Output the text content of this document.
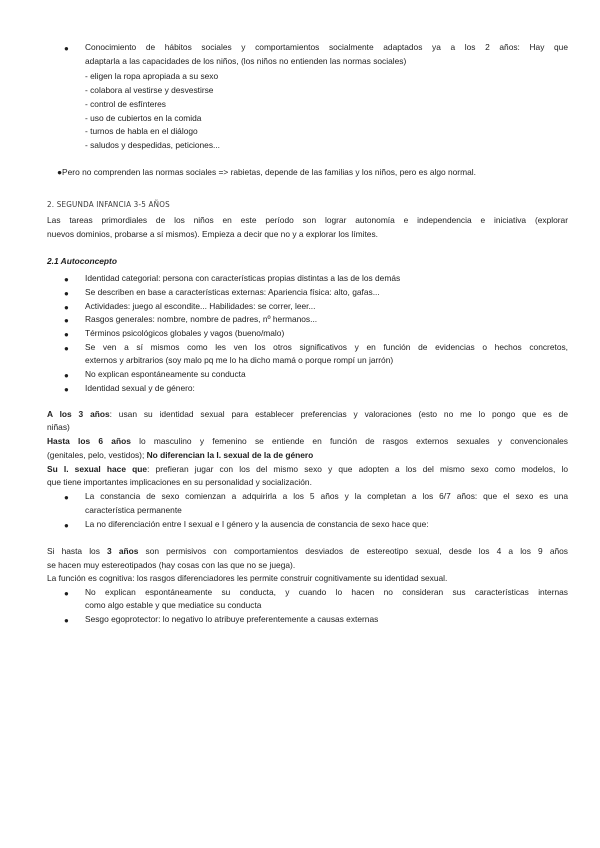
● Conocimiento de hábitos sociales y comportamientos socialmente adaptados ya a los 2 años: Hay que
adaptarla a las capacidades de los niños, (los niños no entienden las normas sociales)
- eligen la ropa apropiada a su sexo
- colabora al vestirse y desvestirse
- control de esfínteres
- uso de cubiertos en la comida
- turnos de habla en el diálogo
- saludos y despedidas, peticiones...
●Pero no comprenden las normas sociales => rabietas, depende de las familias y los niños, pero es algo normal.
2. SEGUNDA INFANCIA 3-5 AÑOS
Las tareas primordiales de los niños en este período son lograr autonomía e independencia e iniciativa (explorar
nuevos dominios, probarse a sí mismos). Empieza a decir que no y a explorar los límites.
2.1 Autoconcepto
● Identidad categorial: persona con características propias distintas a las de los demás
● Se describen en base a características externas: Apariencia física: alto, gafas...
● Actividades: juego al escondite... Habilidades: se correr, leer...
● Rasgos generales: nombre, nombre de padres, nº hermanos...
● Términos psicológicos globales y vagos (bueno/malo)
● Se ven a sí mismos como les ven los otros significativos y en función de evidencias o hechos concretos,
externos y arbitrarios (soy malo pq me lo ha dicho mamá o porque rompí un jarrón)
● No explican espontáneamente su conducta
● Identidad sexual y de género:
A los 3 años: usan su identidad sexual para establecer preferencias y valoraciones (esto no me lo pongo que es de
niñas)
Hasta los 6 años lo masculino y femenino se entiende en función de rasgos externos sexuales y convencionales
(genitales, pelo, vestidos); No diferencian la I. sexual de la de género
Su I. sexual hace que: prefieran jugar con los del mismo sexo y que adopten a los del mismo sexo como modelos, lo
que tiene importantes implicaciones en su personalidad y socialización.
● La constancia de sexo comienzan a adquirirla a los 5 años y la completan a los 6/7 años: que el sexo es una
característica permanente
● La no diferenciación entre I sexual e I género y la ausencia de constancia de sexo hace que:
Si hasta los 3 años son permisivos con comportamientos desviados de estereotipo sexual, desde los 4 a los 9 años
se hacen muy estereotipados (hay cosas con las que no se juega).
La función es cognitiva: los rasgos diferenciadores les permite construir cognitivamente su identidad sexual.
● No explican espontáneamente su conducta, y cuando lo hacen no consideran sus características internas
como algo estable y que mediatice su conducta
● Sesgo egoprotector: lo negativo lo atribuye preferentemente a causas externas
